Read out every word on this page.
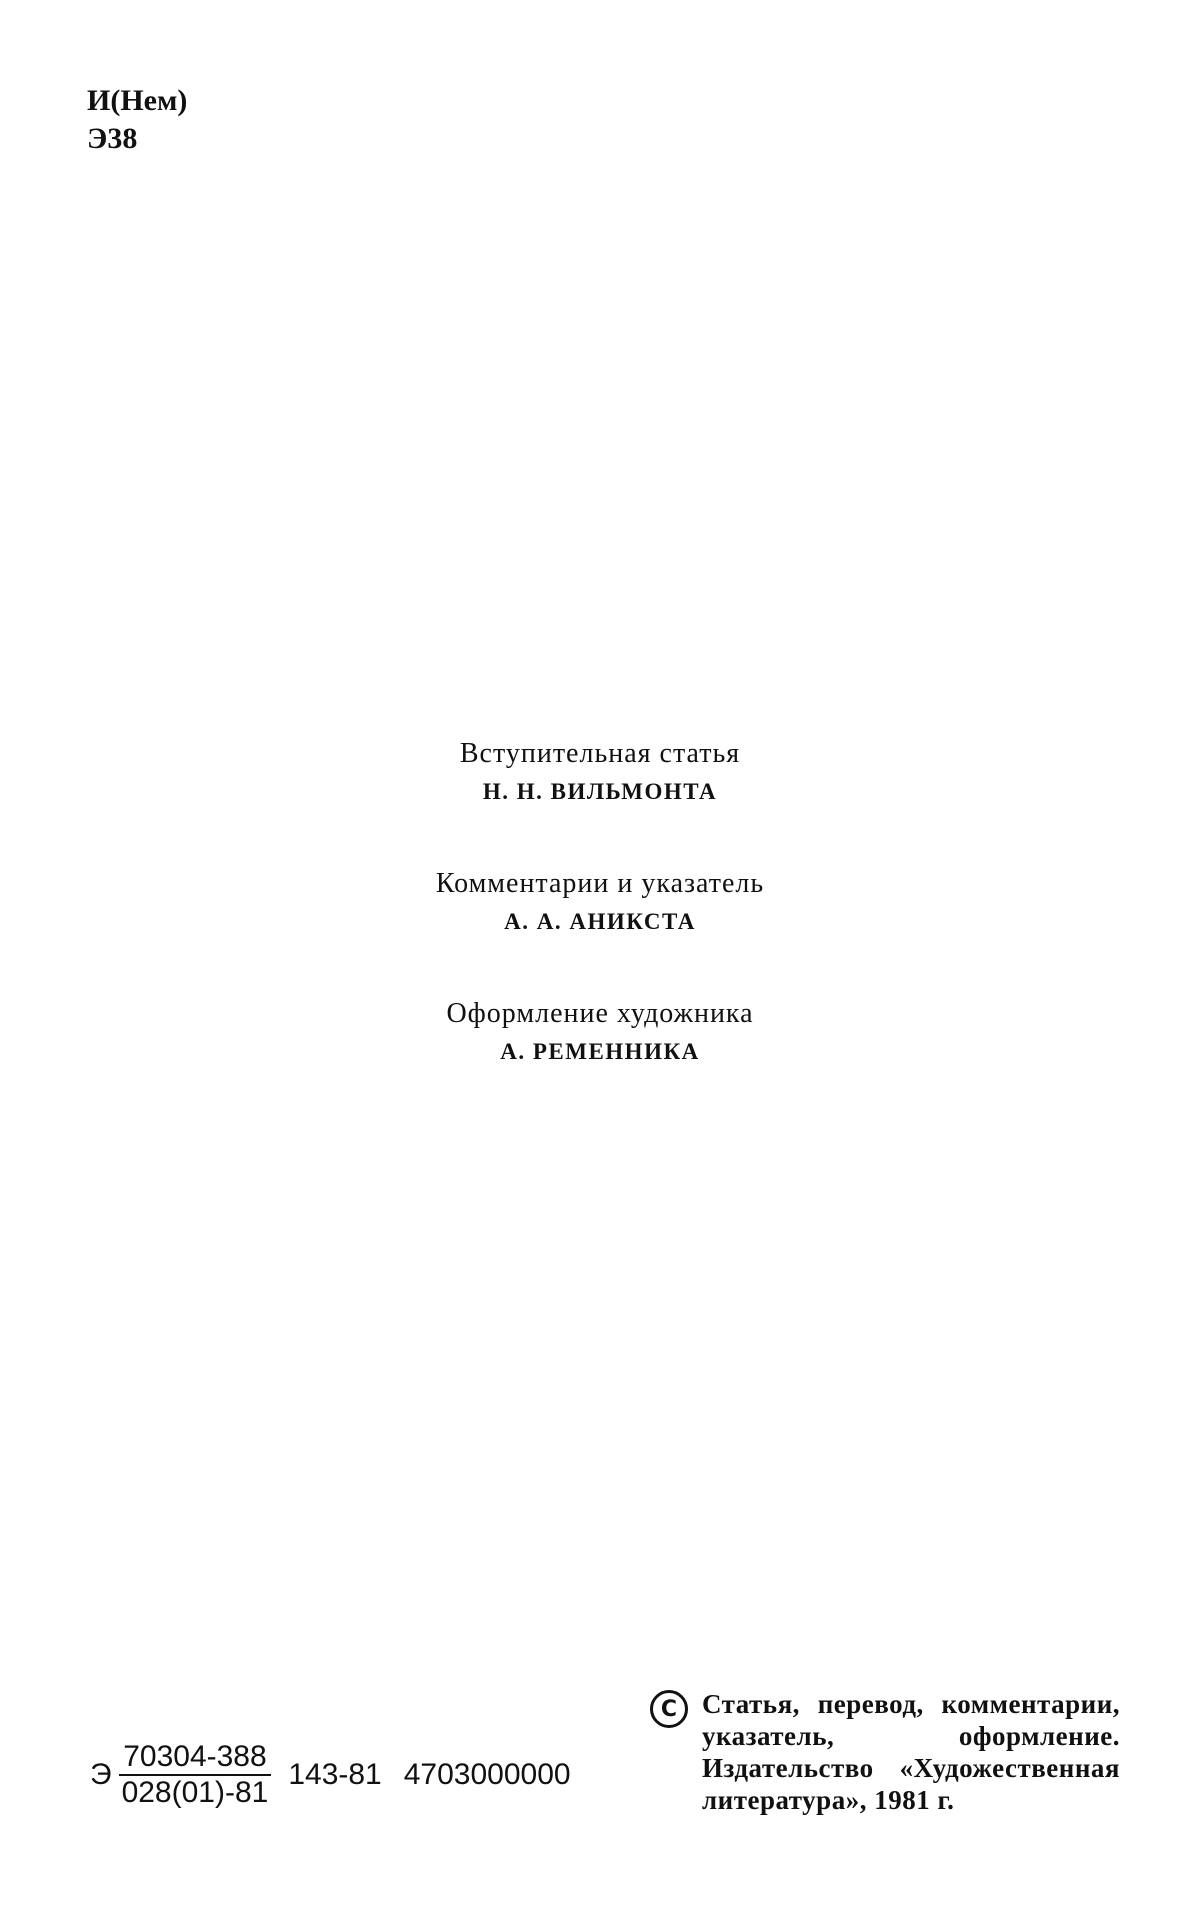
И(Нем)
Э38
Вступительная статья
Н. Н. ВИЛЬМОНТА
Комментарии и указатель
А. А. АНИКСТА
Оформление художника
А. РЕМЕННИКА
Э $\frac{70304-388}{028(01)-81} 143-81$ 4703000000
C Статья, перевод, комментарии, указатель, оформление. Издательство «Художественная литература», 1981 г.
